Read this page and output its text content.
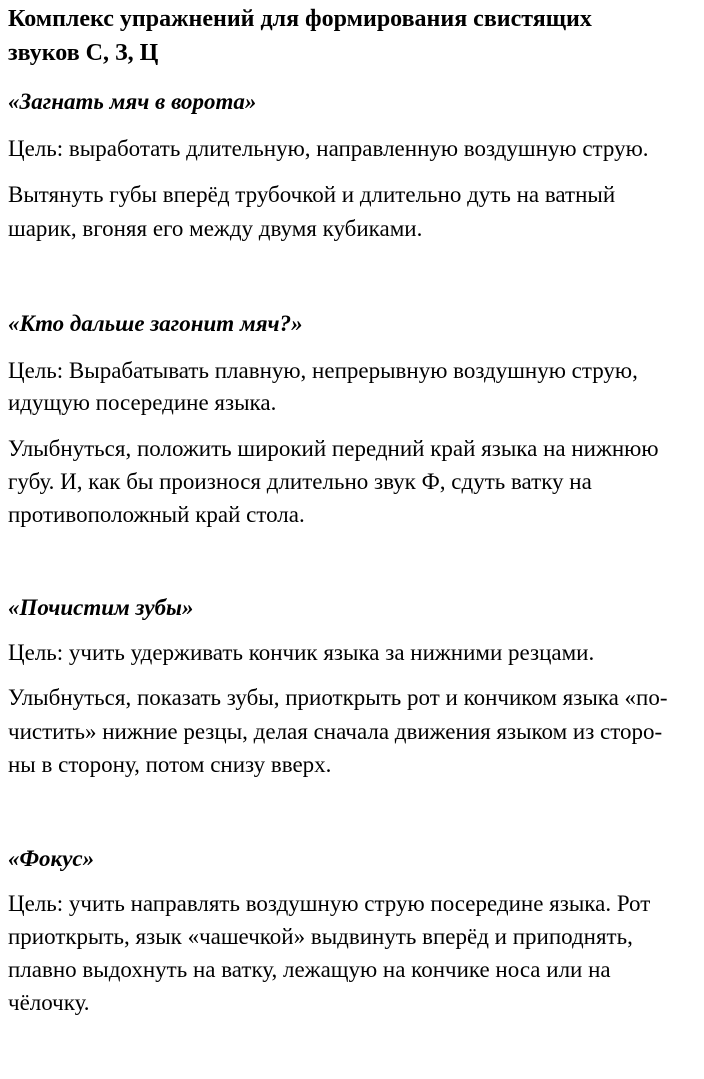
Комплекс упражнений для формирования свистящих

звуков С, З, Ц

«Загнать мяч в ворота»

Цель: выработать длительную, направленную воздушную струю.

Вытянуть губы вперёд трубочкой и длительно дуть на ватный

шарик, вгоняя его между двумя кубиками.

«Кто дальше загонит мяч?»

Цель: Вырабатывать плавную, непрерывную воздушную струю,

идущую посередине языка.

Улыбнуться, положить широкий передний край языка на нижнюю

губу. И, как бы произнося длительно звук Ф, сдуть ватку на

противоположный край стола.

«Почистим зубы»

Цель: учить удерживать кончик языка за нижними резцами.

Улыбнуться, показать зубы, приоткрыть рот и кончиком языка «по-

чистить» нижние резцы, делая сначала движения языком из сторо-

ны в сторону, потом снизу вверх.

«Фокус»

Цель: учить направлять воздушную струю посередине языка. Рот

приоткрыть, язык «чашечкой» выдвинуть вперёд и приподнять,

плавно выдохнуть на ватку, лежащую на кончике носа или на

чёлочку.
